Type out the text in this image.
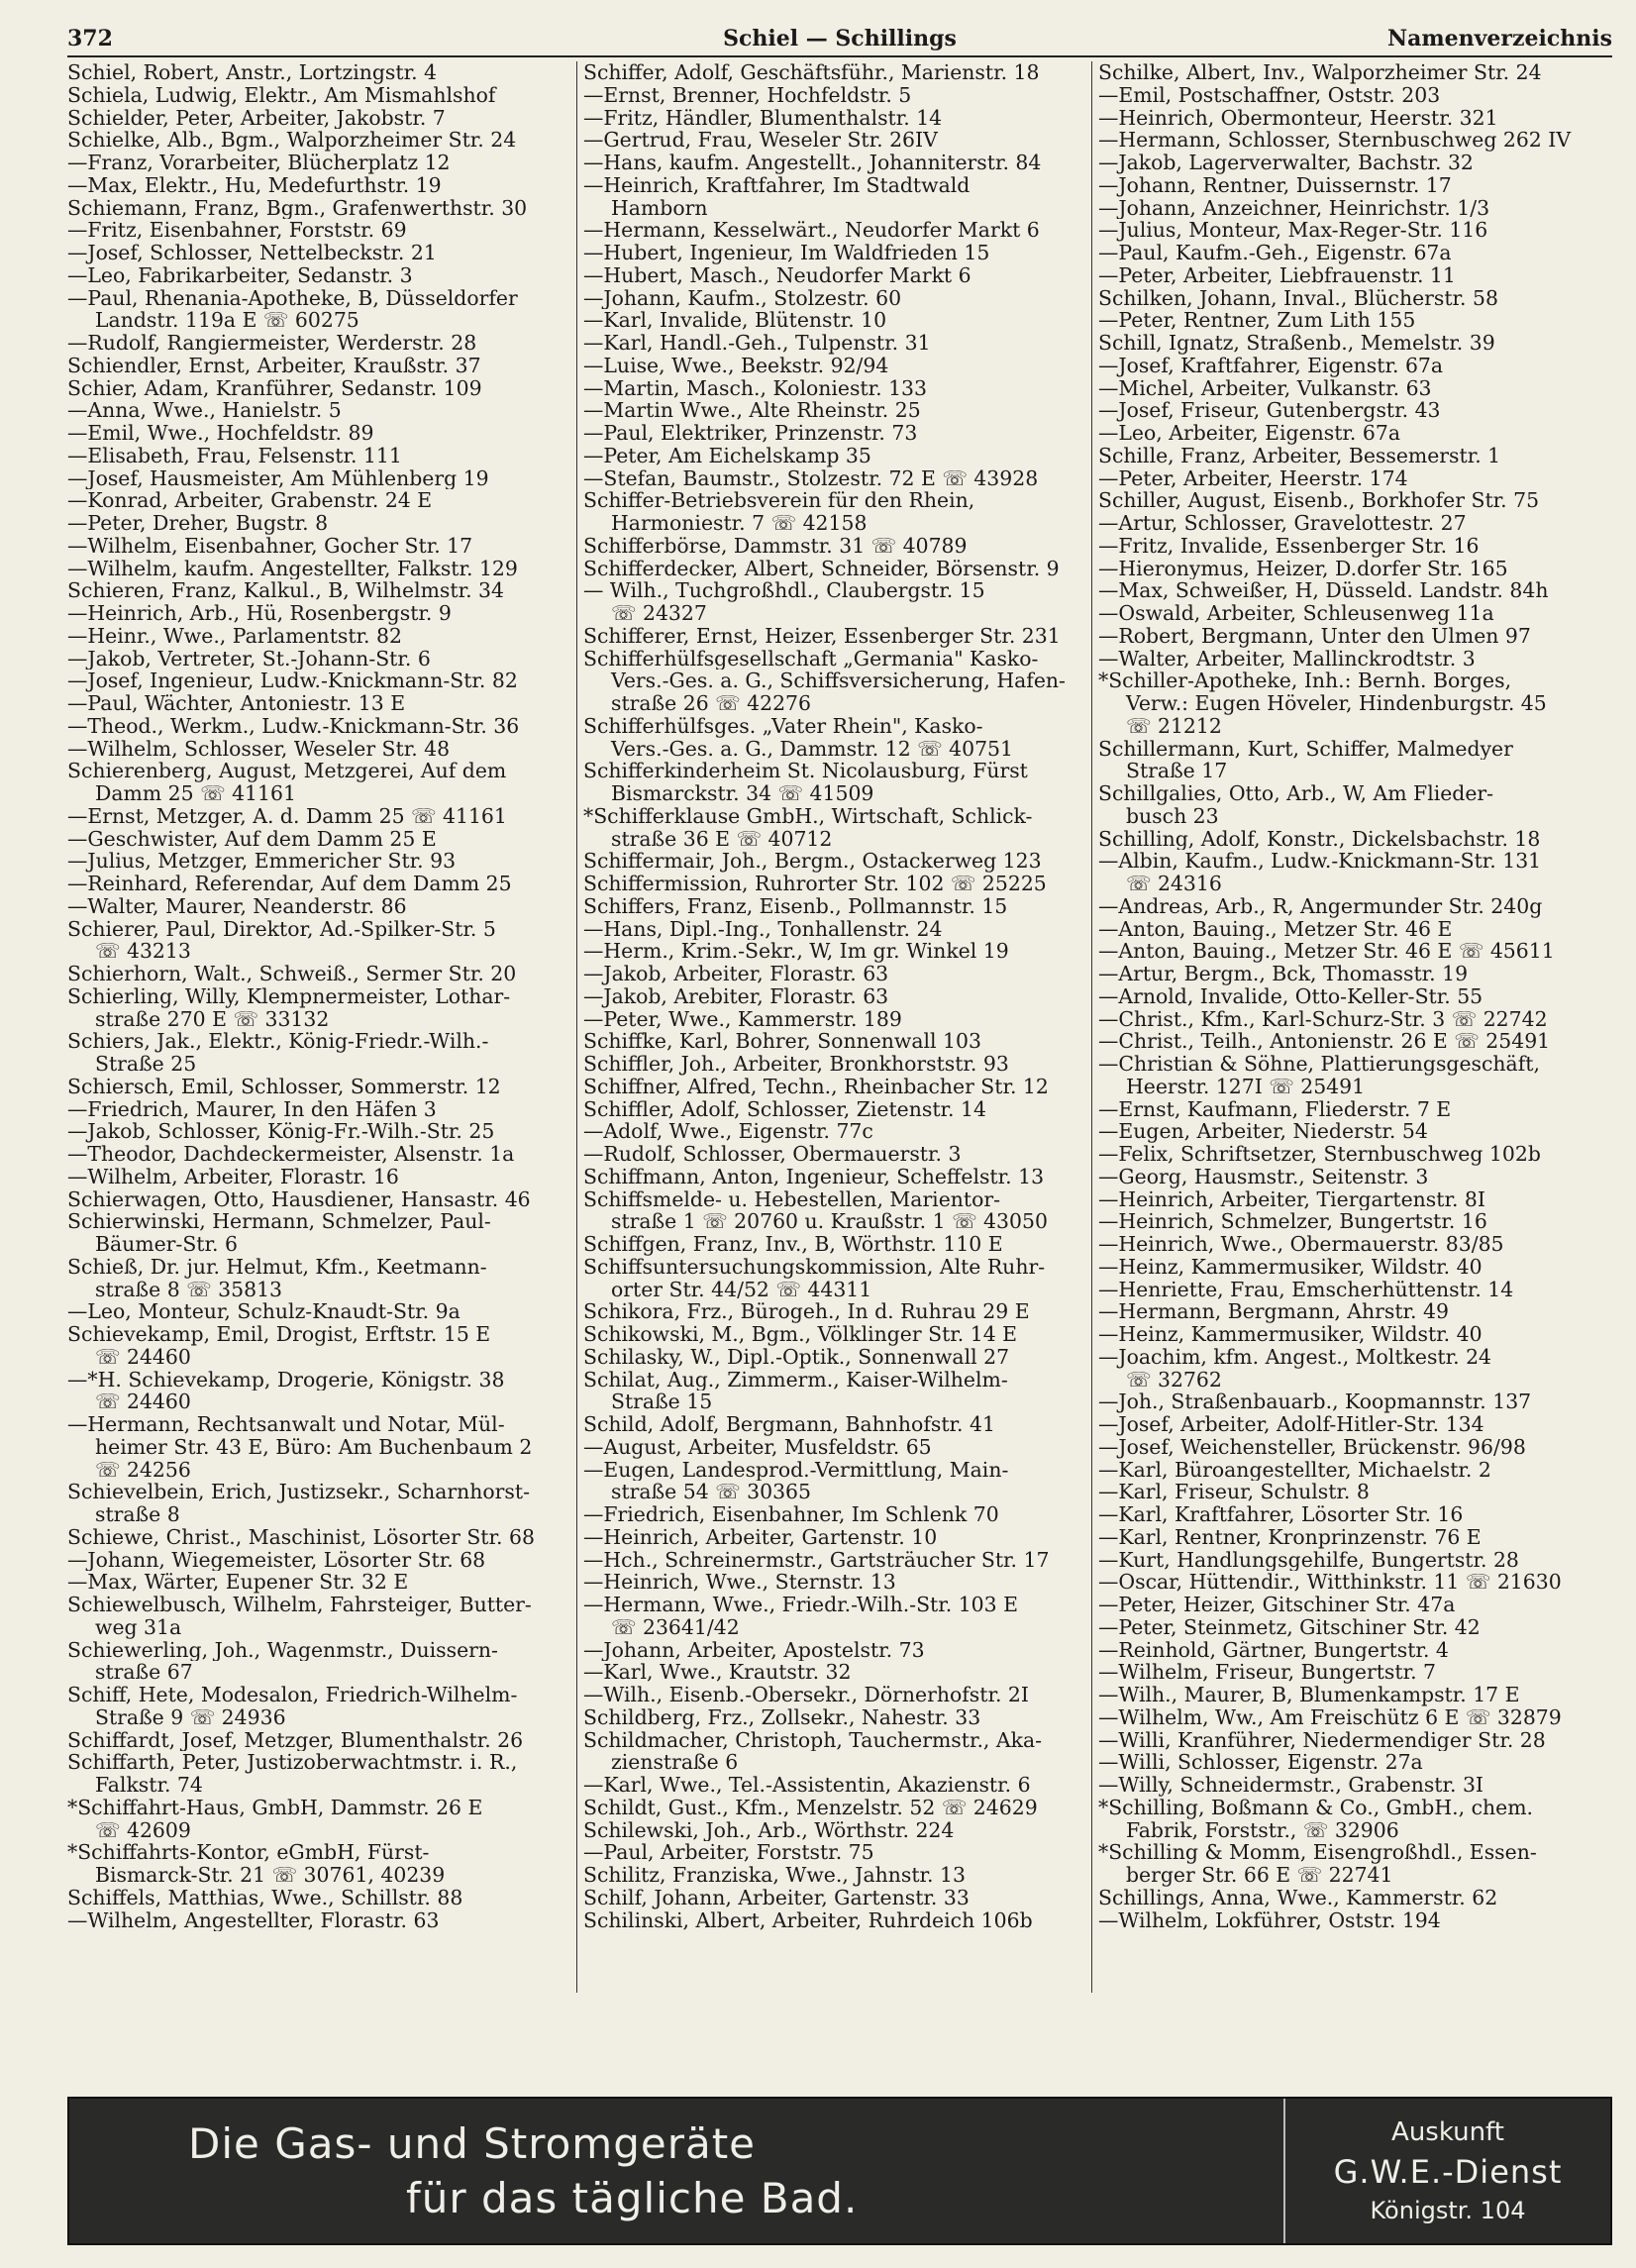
372	Schiel — Schillings	Namenverzeichnis

Schiel, Robert, Anstr., Lortzingstr. 4

Schiela, Ludwig, Elektr., Am Mismahlshof

Schielder, Peter, Arbeiter, Jakobstr. 7

Schielke, Alb., Bgm., Walporzheimer Str. 24

—Franz, Vorarbeiter, Blücherplatz 12

—Max, Elektr., Hu, Medefurthstr. 19

Schiemann, Franz, Bgm., Grafenwerthstr. 30

—Fritz, Eisenbahner, Forststr. 69

—Josef, Schlosser, Nettelbeckstr. 21

—Leo, Fabrikarbeiter, Sedanstr. 3

—Paul, Rhenania-Apotheke, B, Düsseldorfer

Landstr. 119a E ☏ 60275

—Rudolf, Rangiermeister, Werderstr. 28

Schiendler, Ernst, Arbeiter, Kraußstr. 37

Schier, Adam, Kranführer, Sedanstr. 109

—Anna, Wwe., Hanielstr. 5

—Emil, Wwe., Hochfeldstr. 89

—Elisabeth, Frau, Felsenstr. 111

—Josef, Hausmeister, Am Mühlenberg 19

—Konrad, Arbeiter, Grabenstr. 24 E

—Peter, Dreher, Bugstr. 8

—Wilhelm, Eisenbahner, Gocher Str. 17

—Wilhelm, kaufm. Angestellter, Falkstr. 129

Schieren, Franz, Kalkul., B, Wilhelmstr. 34

—Heinrich, Arb., Hü, Rosenbergstr. 9

—Heinr., Wwe., Parlamentstr. 82

—Jakob, Vertreter, St.-Johann-Str. 6

—Josef, Ingenieur, Ludw.-Knickmann-Str. 82

—Paul, Wächter, Antoniestr. 13 E

—Theod., Werkm., Ludw.-Knickmann-Str. 36

—Wilhelm, Schlosser, Weseler Str. 48

Schierenberg, August, Metzgerei, Auf dem

Damm 25 ☏ 41161

—Ernst, Metzger, A. d. Damm 25 ☏ 41161

—Geschwister, Auf dem Damm 25 E

—Julius, Metzger, Emmericher Str. 93

—Reinhard, Referendar, Auf dem Damm 25

—Walter, Maurer, Neanderstr. 86

Schierer, Paul, Direktor, Ad.-Spilker-Str. 5

☏ 43213

Schierhorn, Walt., Schweiß., Sermer Str. 20

Schierling, Willy, Klempnermeister, Lothar-

straße 270 E ☏ 33132

Schiers, Jak., Elektr., König-Friedr.-Wilh.-

Straße 25

Schiersch, Emil, Schlosser, Sommerstr. 12

—Friedrich, Maurer, In den Häfen 3

—Jakob, Schlosser, König-Fr.-Wilh.-Str. 25

—Theodor, Dachdeckermeister, Alsenstr. 1a

—Wilhelm, Arbeiter, Florastr. 16

Schierwagen, Otto, Hausdiener, Hansastr. 46

Schierwinski, Hermann, Schmelzer, Paul-

Bäumer-Str. 6

Schieß, Dr. jur. Helmut, Kfm., Keetmann-

straße 8 ☏ 35813

—Leo, Monteur, Schulz-Knaudt-Str. 9a

Schievekamp, Emil, Drogist, Erftstr. 15 E

☏ 24460

—*H. Schievekamp, Drogerie, Königstr. 38

☏ 24460

—Hermann, Rechtsanwalt und Notar, Mül-

heimer Str. 43 E, Büro: Am Buchenbaum 2

☏ 24256

Schievelbein, Erich, Justizsekr., Scharnhorst-

straße 8

Schiewe, Christ., Maschinist, Lösorter Str. 68

—Johann, Wiegemeister, Lösorter Str. 68

—Max, Wärter, Eupener Str. 32 E

Schiewelbusch, Wilhelm, Fahrsteiger, Butter-

weg 31a

Schiewerling, Joh., Wagenmstr., Duissern-

straße 67

Schiff, Hete, Modesalon, Friedrich-Wilhelm-

Straße 9 ☏ 24936

Schiffardt, Josef, Metzger, Blumenthalstr. 26

Schiffarth, Peter, Justizoberwachtmstr. i. R.,

Falkstr. 74

*Schiffahrt-Haus, GmbH, Dammstr. 26 E

☏ 42609

*Schiffahrts-Kontor, eGmbH, Fürst-

Bismarck-Str. 21 ☏ 30761, 40239

Schiffels, Matthias, Wwe., Schillstr. 88

—Wilhelm, Angestellter, Florastr. 63

Schiffer, Adolf, Geschäftsführ., Marienstr. 18

—Ernst, Brenner, Hochfeldstr. 5

—Fritz, Händler, Blumenthalstr. 14

—Gertrud, Frau, Weseler Str. 26IV

—Hans, kaufm. Angestellt., Johanniterstr. 84

—Heinrich, Kraftfahrer, Im Stadtwald

Hamborn

—Hermann, Kesselwärt., Neudorfer Markt 6

—Hubert, Ingenieur, Im Waldfrieden 15

—Hubert, Masch., Neudorfer Markt 6

—Johann, Kaufm., Stolzestr. 60

—Karl, Invalide, Blütenstr. 10

—Karl, Handl.-Geh., Tulpenstr. 31

—Luise, Wwe., Beekstr. 92/94

—Martin, Masch., Koloniestr. 133

—Martin Wwe., Alte Rheinstr. 25

—Paul, Elektriker, Prinzenstr. 73

—Peter, Am Eichelskamp 35

—Stefan, Baumstr., Stolzestr. 72 E ☏ 43928

Schiffer-Betriebsverein für den Rhein,

Harmoniestr. 7 ☏ 42158

Schifferbörse, Dammstr. 31 ☏ 40789

Schifferdecker, Albert, Schneider, Börsenstr. 9

— Wilh., Tuchgroßhdl., Claubergstr. 15

☏ 24327

Schifferer, Ernst, Heizer, Essenberger Str. 231

Schifferhülfsgesellschaft „Germania" Kasko-

Vers.-Ges. a. G., Schiffsversicherung, Hafen-

straße 26 ☏ 42276

Schifferhülfsges. „Vater Rhein", Kasko-

Vers.-Ges. a. G., Dammstr. 12 ☏ 40751

Schifferkinderheim St. Nicolausburg, Fürst

Bismarckstr. 34 ☏ 41509

*Schifferklause GmbH., Wirtschaft, Schlick-

straße 36 E ☏ 40712

Schiffermair, Joh., Bergm., Ostackerweg 123

Schiffermission, Ruhrorter Str. 102 ☏ 25225

Schiffers, Franz, Eisenb., Pollmannstr. 15

—Hans, Dipl.-Ing., Tonhallenstr. 24

—Herm., Krim.-Sekr., W, Im gr. Winkel 19

—Jakob, Arbeiter, Florastr. 63

—Jakob, Arebiter, Florastr. 63

—Peter, Wwe., Kammerstr. 189

Schiffke, Karl, Bohrer, Sonnenwall 103

Schiffler, Joh., Arbeiter, Bronkhorststr. 93

Schiffner, Alfred, Techn., Rheinbacher Str. 12

Schiffler, Adolf, Schlosser, Zietenstr. 14

—Adolf, Wwe., Eigenstr. 77c

—Rudolf, Schlosser, Obermauerstr. 3

Schiffmann, Anton, Ingenieur, Scheffelstr. 13

Schiffsmelde- u. Hebestellen, Marientor-

straße 1 ☏ 20760 u. Kraußstr. 1 ☏ 43050

Schiffgen, Franz, Inv., B, Wörthstr. 110 E

Schiffsuntersuchungskommission, Alte Ruhr-

orter Str. 44/52 ☏ 44311

Schikora, Frz., Bürogeh., In d. Ruhrau 29 E

Schikowski, M., Bgm., Völklinger Str. 14 E

Schilasky, W., Dipl.-Optik., Sonnenwall 27

Schilat, Aug., Zimmerm., Kaiser-Wilhelm-

Straße 15

Schild, Adolf, Bergmann, Bahnhofstr. 41

—August, Arbeiter, Musfeldstr. 65

—Eugen, Landesprod.-Vermittlung, Main-

straße 54 ☏ 30365

—Friedrich, Eisenbahner, Im Schlenk 70

—Heinrich, Arbeiter, Gartenstr. 10

—Hch., Schreinermstr., Gartsträucher Str. 17

—Heinrich, Wwe., Sternstr. 13

—Hermann, Wwe., Friedr.-Wilh.-Str. 103 E

☏ 23641/42

—Johann, Arbeiter, Apostelstr. 73

—Karl, Wwe., Krautstr. 32

—Wilh., Eisenb.-Obersekr., Dörnerhofstr. 2I

Schildberg, Frz., Zollsekr., Nahestr. 33

Schildmacher, Christoph, Tauchermstr., Aka-

zienstraße 6

—Karl, Wwe., Tel.-Assistentin, Akazienstr. 6

Schildt, Gust., Kfm., Menzelstr. 52 ☏ 24629

Schilewski, Joh., Arb., Wörthstr. 224

—Paul, Arbeiter, Forststr. 75

Schilitz, Franziska, Wwe., Jahnstr. 13

Schilf, Johann, Arbeiter, Gartenstr. 33

Schilinski, Albert, Arbeiter, Ruhrdeich 106b

Schilke, Albert, Inv., Walporzheimer Str. 24

—Emil, Postschaffner, Oststr. 203

—Heinrich, Obermonteur, Heerstr. 321

—Hermann, Schlosser, Sternbuschweg 262 IV

—Jakob, Lagerverwalter, Bachstr. 32

—Johann, Rentner, Duissernstr. 17

—Johann, Anzeichner, Heinrichstr. 1/3

—Julius, Monteur, Max-Reger-Str. 116

—Paul, Kaufm.-Geh., Eigenstr. 67a

—Peter, Arbeiter, Liebfrauenstr. 11

Schilken, Johann, Inval., Blücherstr. 58

—Peter, Rentner, Zum Lith 155

Schill, Ignatz, Straßenb., Memelstr. 39

—Josef, Kraftfahrer, Eigenstr. 67a

—Michel, Arbeiter, Vulkanstr. 63

—Josef, Friseur, Gutenbergstr. 43

—Leo, Arbeiter, Eigenstr. 67a

Schille, Franz, Arbeiter, Bessemerstr. 1

—Peter, Arbeiter, Heerstr. 174

Schiller, August, Eisenb., Borkhofer Str. 75

—Artur, Schlosser, Gravelottestr. 27

—Fritz, Invalide, Essenberger Str. 16

—Hieronymus, Heizer, D.dorfer Str. 165

—Max, Schweißer, H, Düsseld. Landstr. 84h

—Oswald, Arbeiter, Schleusenweg 11a

—Robert, Bergmann, Unter den Ulmen 97

—Walter, Arbeiter, Mallinckrodtstr. 3

*Schiller-Apotheke, Inh.: Bernh. Borges,

Verw.: Eugen Höveler, Hindenburgstr. 45

☏ 21212

Schillermann, Kurt, Schiffer, Malmedyer

Straße 17

Schillgalies, Otto, Arb., W, Am Flieder-

busch 23

Schilling, Adolf, Konstr., Dickelsbachstr. 18

—Albin, Kaufm., Ludw.-Knickmann-Str. 131

☏ 24316

—Andreas, Arb., R, Angermunder Str. 240g

—Anton, Bauing., Metzer Str. 46 E

—Anton, Bauing., Metzer Str. 46 E ☏ 45611

—Artur, Bergm., Bck, Thomasstr. 19

—Arnold, Invalide, Otto-Keller-Str. 55

—Christ., Kfm., Karl-Schurz-Str. 3 ☏ 22742

—Christ., Teilh., Antonienstr. 26 E ☏ 25491

—Christian & Söhne, Plattierungsgeschäft,

Heerstr. 127I ☏ 25491

—Ernst, Kaufmann, Fliederstr. 7 E

—Eugen, Arbeiter, Niederstr. 54

—Felix, Schriftsetzer, Sternbuschweg 102b

—Georg, Hausmstr., Seitenstr. 3

—Heinrich, Arbeiter, Tiergartenstr. 8I

—Heinrich, Schmelzer, Bungertstr. 16

—Heinrich, Wwe., Obermauerstr. 83/85

—Heinz, Kammermusiker, Wildstr. 40

—Henriette, Frau, Emscherhüttenstr. 14

—Hermann, Bergmann, Ahrstr. 49

—Heinz, Kammermusiker, Wildstr. 40

—Joachim, kfm. Angest., Moltkestr. 24

☏ 32762

—Joh., Straßenbauarb., Koopmannstr. 137

—Josef, Arbeiter, Adolf-Hitler-Str. 134

—Josef, Weichensteller, Brückenstr. 96/98

—Karl, Büroangestellter, Michaelstr. 2

—Karl, Friseur, Schulstr. 8

—Karl, Kraftfahrer, Lösorter Str. 16

—Karl, Rentner, Kronprinzenstr. 76 E

—Kurt, Handlungsgehilfe, Bungertstr. 28

—Oscar, Hüttendir., Witthinkstr. 11 ☏ 21630

—Peter, Heizer, Gitschiner Str. 47a

—Peter, Steinmetz, Gitschiner Str. 42

—Reinhold, Gärtner, Bungertstr. 4

—Wilhelm, Friseur, Bungertstr. 7

—Wilh., Maurer, B, Blumenkampstr. 17 E

—Wilhelm, Ww., Am Freischütz 6 E ☏ 32879

—Willi, Kranführer, Niedermendiger Str. 28

—Willi, Schlosser, Eigenstr. 27a

—Willy, Schneidermstr., Grabenstr. 3I

*Schilling, Boßmann & Co., GmbH., chem.

Fabrik, Forststr., ☏ 32906

*Schilling & Momm, Eisengroßhdl., Essen-

berger Str. 66 E ☏ 22741

Schillings, Anna, Wwe., Kammerstr. 62

—Wilhelm, Lokführer, Oststr. 194

Die Gas- und Stromgeräte
für das tägliche Bad.
Auskunft
G.W.E.-Dienst
Königstr. 104
